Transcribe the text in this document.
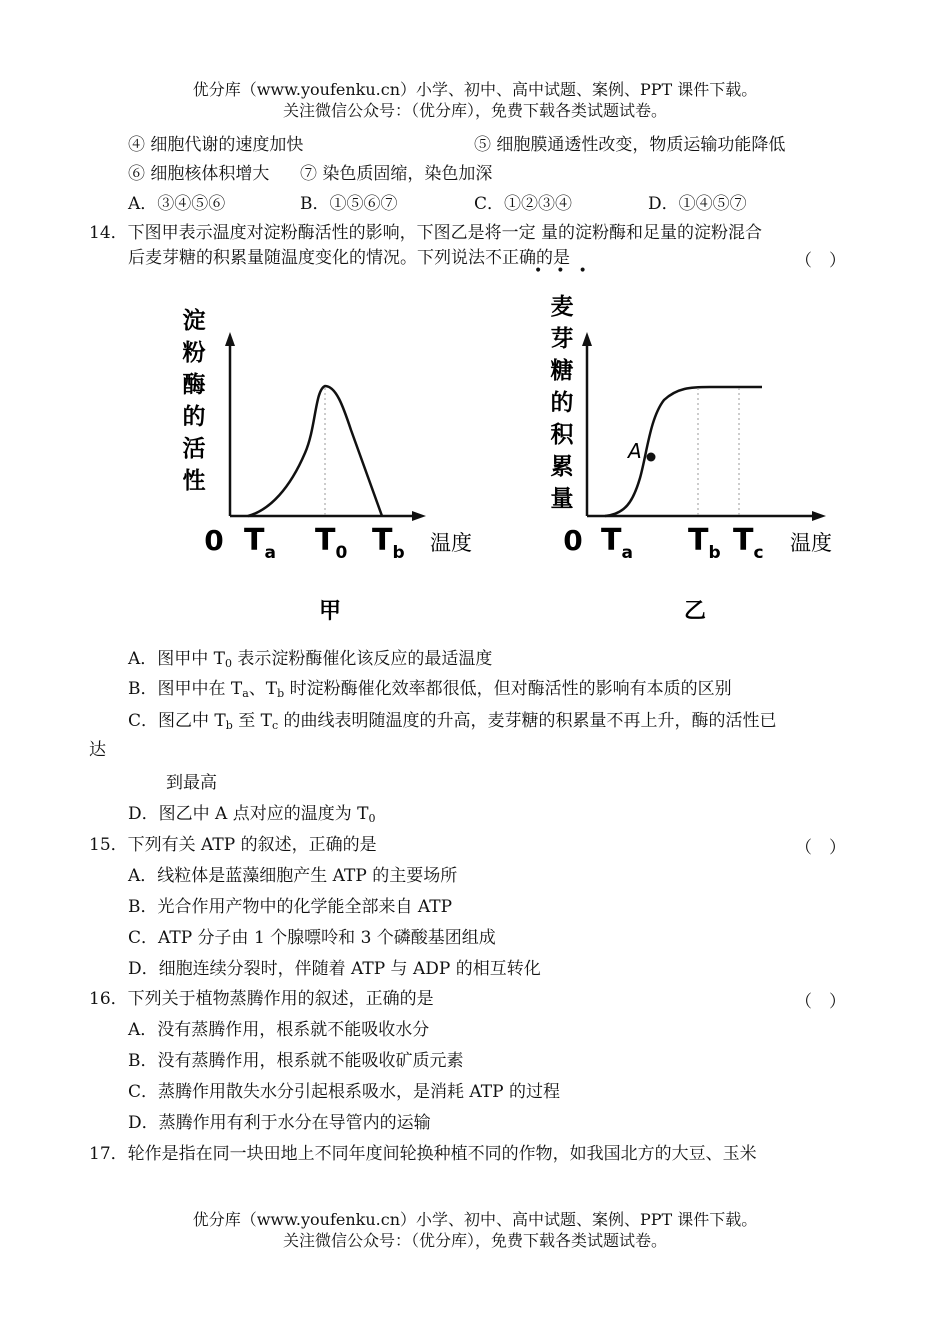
优分库（www.youfenku.cn）小学、初中、高中试题、案例、PPT 课件下载。
关注微信公众号：（优分库），免费下载各类试题试卷。
④ 细胞代谢的速度加快	⑤ 细胞膜通透性改变，物质运输功能降低
⑥ 细胞核体积增大 ⑦ 染色质固缩，染色加深
A．③④⑤⑥	B．①⑤⑥⑦	C．①②③④	D．①④⑤⑦
14．下图甲表示温度对淀粉酶活性的影响，下图乙是将一定 量的淀粉酶和足量的淀粉混合
后麦芽糖的积累量随温度变化的情况。下列说法不正确的是	（　）
•••
淀
粉
酶
的
活
性
0 $T_a$ $T_0$ $T_b$ 温度
甲
麦
芽
糖
的
积
累
量
A
0 $T_a$ $T_b$ $T_c$ 温度
乙
A．图甲中 $T_0$ 表示淀粉酶催化该反应的最适温度
B．图甲中在 $T_a$、$T_b$ 时淀粉酶催化效率都很低，但对酶活性的影响有本质的区别
C．图乙中 $T_b$ 至 $T_c$ 的曲线表明随温度的升高，麦芽糖的积累量不再上升，酶的活性已
达
到最高
D．图乙中 A 点对应的温度为 $T_0$
15．下列有关 ATP 的叙述，正确的是	（　）
A．线粒体是蓝藻细胞产生 ATP 的主要场所
B．光合作用产物中的化学能全部来自 ATP
C．ATP 分子由 1 个腺嘌呤和 3 个磷酸基团组成
D．细胞连续分裂时，伴随着 ATP 与 ADP 的相互转化
16．下列关于植物蒸腾作用的叙述，正确的是	（　）
A．没有蒸腾作用，根系就不能吸收水分
B．没有蒸腾作用，根系就不能吸收矿质元素
C．蒸腾作用散失水分引起根系吸水，是消耗 ATP 的过程
D．蒸腾作用有利于水分在导管内的运输
17．轮作是指在同一块田地上不同年度间轮换种植不同的作物，如我国北方的大豆、玉米
优分库（www.youfenku.cn）小学、初中、高中试题、案例、PPT 课件下载。
关注微信公众号：（优分库），免费下载各类试题试卷。
